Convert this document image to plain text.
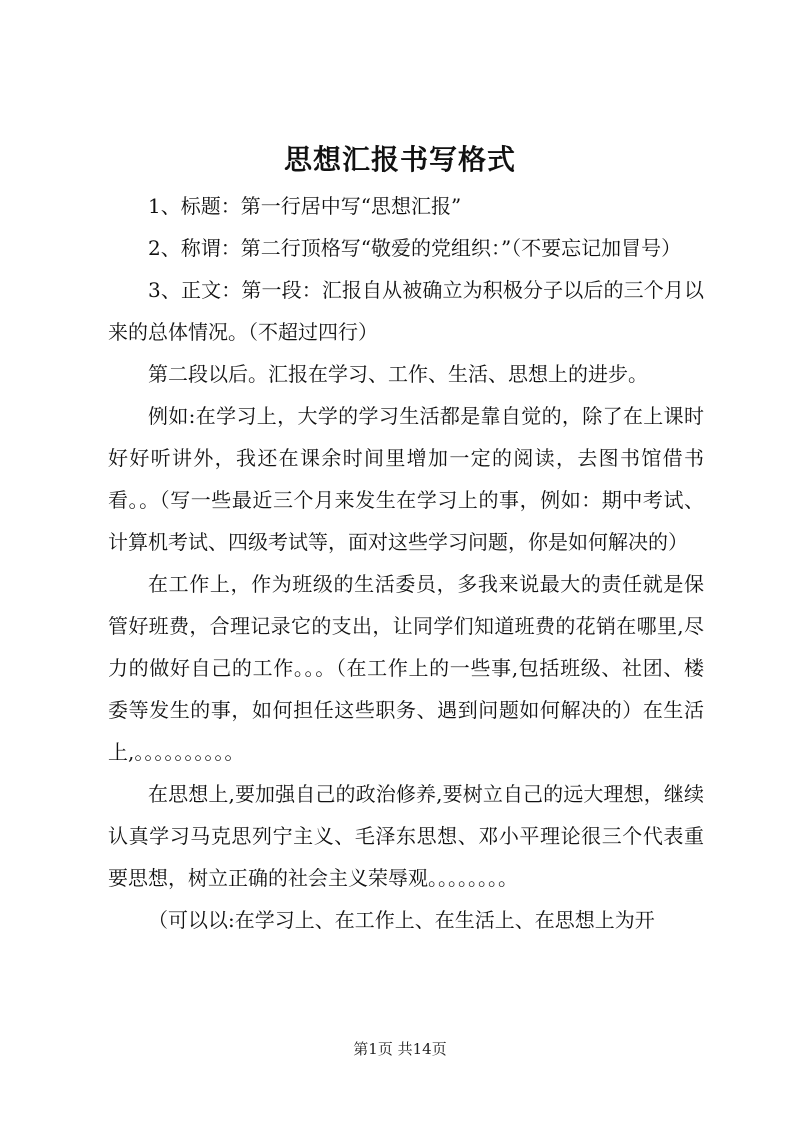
思想汇报书写格式

1、标题：第一行居中写“思想汇报”

2、称谓：第二行顶格写“敬爱的党组织：”（不要忘记加冒号）

3、正文：第一段：汇报自从被确立为积极分子以后的三个月以来的总体情况。（不超过四行）

第二段以后。汇报在学习、工作、生活、思想上的进步。

例如:在学习上，大学的学习生活都是靠自觉的，除了在上课时好好听讲外，我还在课余时间里增加一定的阅读，去图书馆借书看。。（写一些最近三个月来发生在学习上的事，例如：期中考试、计算机考试、四级考试等，面对这些学习问题，你是如何解决的）

在工作上，作为班级的生活委员，多我来说最大的责任就是保管好班费，合理记录它的支出，让同学们知道班费的花销在哪里,尽力的做好自己的工作。。。（在工作上的一些事,包括班级、社团、楼委等发生的事，如何担任这些职务、遇到问题如何解决的）在生活上,。。。。。。。。。。

在思想上,要加强自己的政治修养,要树立自己的远大理想，继续认真学习马克思列宁主义、毛泽东思想、邓小平理论很三个代表重要思想，树立正确的社会主义荣辱观。。。。。。。。

（可以以:在学习上、在工作上、在生活上、在思想上为开

第1页 共14页
